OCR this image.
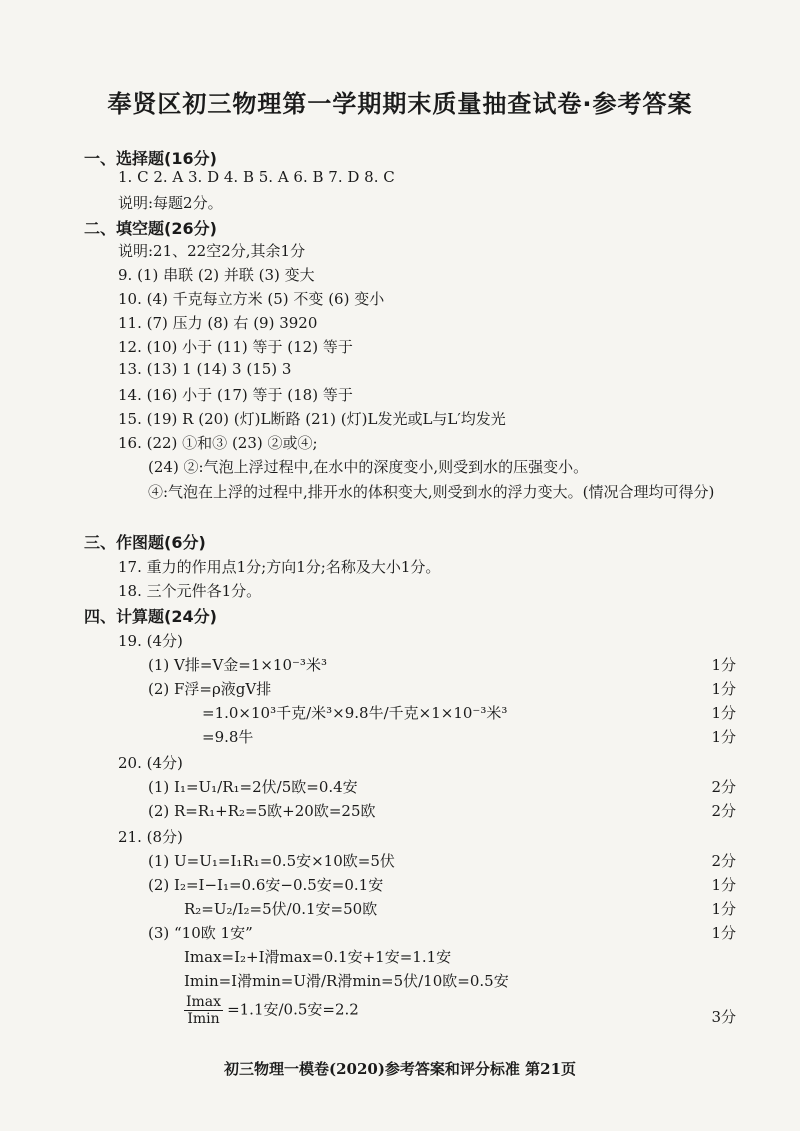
奉贤区初三物理第一学期期末质量抽查试卷·参考答案
一、选择题(16分)
1. C 2. A 3. D 4. B 5. A 6. B 7. D 8. C
说明:每题2分。
二、填空题(26分)
说明:21、22空2分,其余1分
9. (1) 串联 (2) 并联 (3) 变大
10. (4) 千克每立方米 (5) 不变 (6) 变小
11. (7) 压力 (8) 右 (9) 3920
12. (10) 小于 (11) 等于 (12) 等于
13. (13) 1 (14) 3 (15) 3
14. (16) 小于 (17) 等于 (18) 等于
15. (19) R (20) (灯)L断路 (21) (灯)L发光或L与L′均发光
16. (22) ①和③ (23) ②或④;
(24) ②:气泡上浮过程中,在水中的深度变小,则受到水的压强变小。
④:气泡在上浮的过程中,排开水的体积变大,则受到水的浮力变大。(情况合理均可得分)
三、作图题(6分)
17. 重力的作用点1分;方向1分;名称及大小1分。
18. 三个元件各1分。
四、计算题(24分)
19. (4分)
(1) V排=V金=1×10⁻³米³	1分
(2) F浮=ρ液gV排	1分
=1.0×10³千克/米³×9.8牛/千克×1×10⁻³米³	1分
=9.8牛	1分
20. (4分)
(1) I₁=U₁/R₁=2伏/5欧=0.4安	2分
(2) R=R₁+R₂=5欧+20欧=25欧	2分
21. (8分)
(1) U=U₁=I₁R₁=0.5安×10欧=5伏	2分
(2) I₂=I−I₁=0.6安−0.5安=0.1安	1分
R₂=U₂/I₂=5伏/0.1安=50欧	1分
(3) “10欧 1安”	1分
Imax=I₂+I滑max=0.1安+1安=1.1安
Imin=I滑min=U滑/R滑min=5伏/10欧=0.5安
$\frac{Imax}{Imin} =1.1$安/0.5安=2.2	3分
初三物理一模卷(2020)参考答案和评分标准 第21页
